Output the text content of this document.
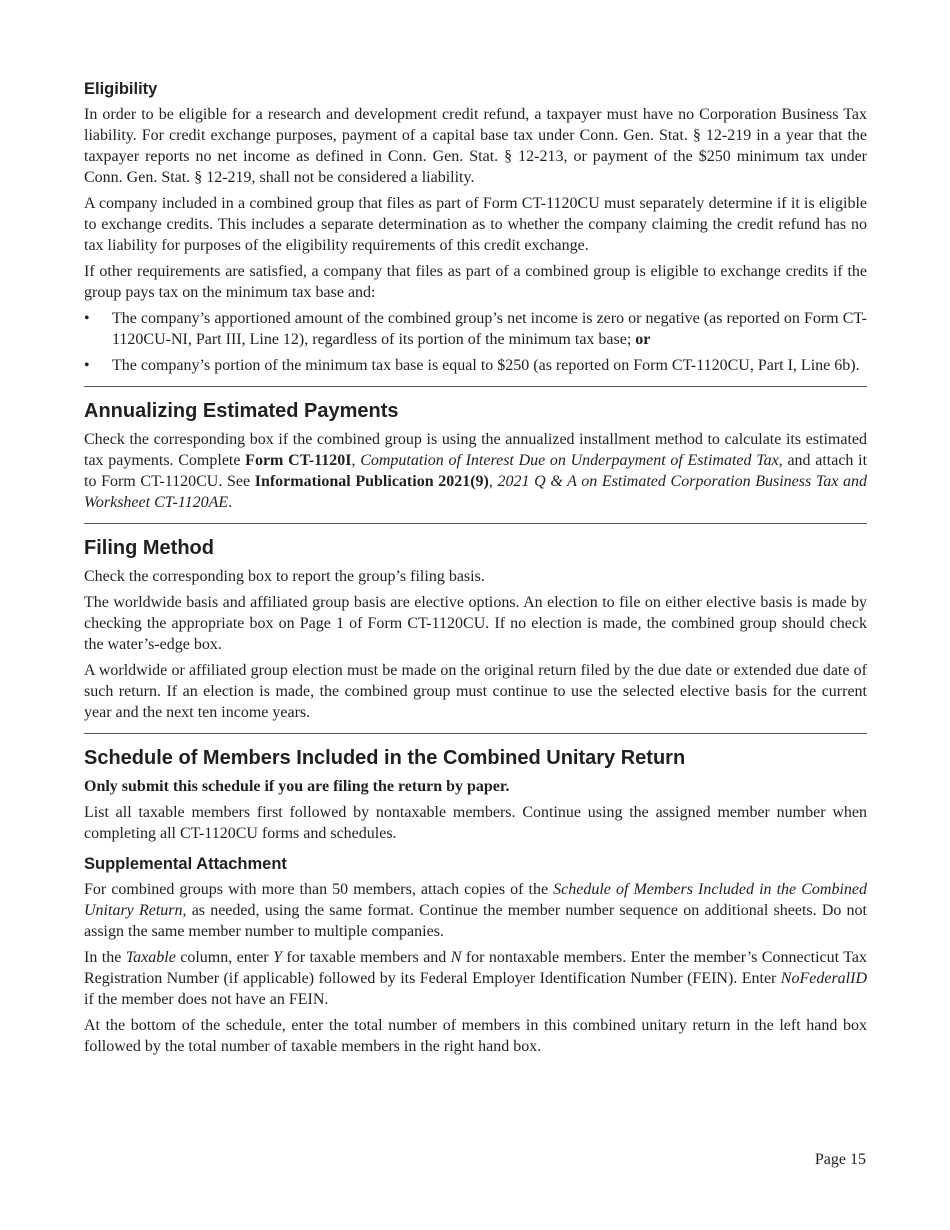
Eligibility

In order to be eligible for a research and development credit refund, a taxpayer must have no Corporation Business Tax liability. For credit exchange purposes, payment of a capital base tax under Conn. Gen. Stat. § 12-219 in a year that the taxpayer reports no net income as defined in Conn. Gen. Stat. § 12-213, or payment of the $250 minimum tax under Conn. Gen. Stat. § 12-219, shall not be considered a liability.

A company included in a combined group that files as part of Form CT-1120CU must separately determine if it is eligible to exchange credits. This includes a separate determination as to whether the company claiming the credit refund has no tax liability for purposes of the eligibility requirements of this credit exchange.

If other requirements are satisfied, a company that files as part of a combined group is eligible to exchange credits if the group pays tax on the minimum tax base and:

• The company’s apportioned amount of the combined group’s net income is zero or negative (as reported on Form CT-1120CU-NI, Part III, Line 12), regardless of its portion of the minimum tax base; or
• The company’s portion of the minimum tax base is equal to $250 (as reported on Form CT-1120CU, Part I, Line 6b).
Annualizing Estimated Payments

Check the corresponding box if the combined group is using the annualized installment method to calculate its estimated tax payments. Complete Form CT-1120I, Computation of Interest Due on Underpayment of Estimated Tax, and attach it to Form CT-1120CU. See Informational Publication 2021(9), 2021 Q & A on Estimated Corporation Business Tax and Worksheet CT-1120AE.

Filing Method

Check the corresponding box to report the group’s filing basis.

The worldwide basis and affiliated group basis are elective options. An election to file on either elective basis is made by checking the appropriate box on Page 1 of Form CT-1120CU. If no election is made, the combined group should check the water’s-edge box.

A worldwide or affiliated group election must be made on the original return filed by the due date or extended due date of such return. If an election is made, the combined group must continue to use the selected elective basis for the current year and the next ten income years.

Schedule of Members Included in the Combined Unitary Return

Only submit this schedule if you are filing the return by paper.

List all taxable members first followed by nontaxable members. Continue using the assigned member number when completing all CT-1120CU forms and schedules.

Supplemental Attachment

For combined groups with more than 50 members, attach copies of the Schedule of Members Included in the Combined Unitary Return, as needed, using the same format. Continue the member number sequence on additional sheets. Do not assign the same member number to multiple companies.

In the Taxable column, enter Y for taxable members and N for nontaxable members. Enter the member’s Connecticut Tax Registration Number (if applicable) followed by its Federal Employer Identification Number (FEIN). Enter NoFederalID if the member does not have an FEIN.

At the bottom of the schedule, enter the total number of members in this combined unitary return in the left hand box followed by the total number of taxable members in the right hand box.

Page 15
